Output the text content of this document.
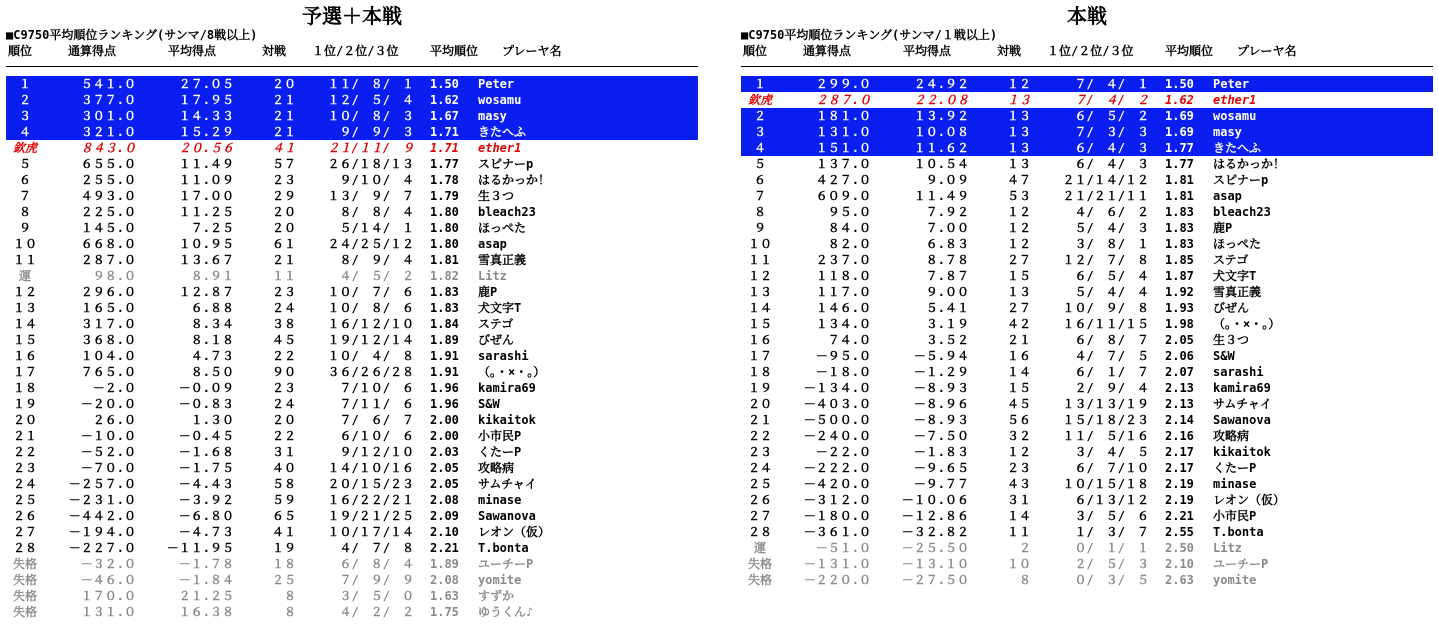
予選＋本戦
■C9750平均順位ランキング(サンマ/8戦以上)
順位	通算得点	平均得点	対戦 １位/２位/３位	平均順位 プレーヤ名
１	５４１.０	２７.０５	２０	１１/　８/　１ 1.50	Peter
２	３７７.０	１７.９５	２１	１２/　５/　４ 1.62	wosamu
３	３０１.０	１４.３３	２１	１０/　８/　３ 1.67	masy
４	３２１.０	１５.２９	２１	　９/　９/　３ 1.71	きたへふ
欽虎	８４３.０	２０.５６	４１	２１/１１/　９ 1.71	ether1
５	６５５.０	１１.４９	５７	２６/１８/１３ 1.77	スピナーp
６	２５５.０	１１.０９	２３	　９/１０/　４ 1.78	はるかっか！
７	４９３.０	１７.００	２９	１３/　９/　７ 1.79	生３つ
８	２２５.０	１１.２５	２０	　８/　８/　４ 1.80	bleach23
９	１４５.０	７.２５	２０	　５/１４/　１ 1.80	ほっぺた
１０	６６８.０	１０.９５	６１	２４/２５/１２ 1.80	asap
１１	２８７.０	１３.６７	２１	　８/　９/　４ 1.81	雪真正義
運	９８.０	８.９１	１１	　４/　５/　２ 1.82	Litz
１２	２９６.０	１２.８７	２３	１０/　７/　６ 1.83	鹿P
１３	１６５.０	６.８８	２４	１０/　８/　６ 1.83	犬文字T
１４	３１７.０	８.３４	３８	１６/１２/１０ 1.84	ステゴ
１５	３６８.０	８.１８	４５	１９/１２/１４ 1.89	びぜん
１６	１０４.０	４.７３	２２	１０/　４/　８ 1.91	sarashi
１７	７６５.０	８.５０	９０	３６/２６/２８ 1.91	（。・×・。）
１８	－２.０	－０.０９	２３	　７/１０/　６ 1.96	kamira69
１９	－２０.０	－０.８３	２４	　７/１１/　６ 1.96	S&W
２０	２６.０	１.３０	２０	　７/　６/　７ 2.00	kikaitok
２１	－１０.０	－０.４５	２２	　６/１０/　６ 2.00	小市民P
２２	－５２.０	－１.６８	３１	　９/１２/１０ 2.03	くたーP
２３	－７０.０	－１.７５	４０	１４/１０/１６ 2.05	攻略病
２４	－２５７.０	－４.４３	５８	２０/１５/２３ 2.05	サムチャイ
２５	－２３１.０	－３.９２	５９	１６/２２/２１ 2.08	minase
２６	－４４２.０	－６.８０	６５	１９/２１/２５ 2.09	Sawanova
２７	－１９４.０	－４.７３	４１	１０/１７/１４ 2.10	レオン（仮）
２８	－２２７.０	－１１.９５	１９	　４/　７/　８ 2.21	T.bonta
失格	－３２.０	－１.７８	１８	　６/　８/　４ 1.89	ユーチーP
失格	－４６.０	－１.８４	２５	　７/　９/　９ 2.08	yomite
失格	１７０.０	２１.２５	８	　３/　５/　０ 1.63	すずか
失格	１３１.０	１６.３８	８	　４/　２/　２ 1.75	ゆうくん♪
本戦
■C9750平均順位ランキング(サンマ/１戦以上)
順位	通算得点	平均得点	対戦 １位/２位/３位	平均順位 プレーヤ名
１	２９９.０	２４.９２	１２	　７/　４/　１ 1.50	Peter
欽虎	２８７.０	２２.０８	１３	　７/　４/　２ 1.62	ether1
２	１８１.０	１３.９２	１３	　６/　５/　２ 1.69	wosamu
３	１３１.０	１０.０８	１３	　７/　３/　３ 1.69	masy
４	１５１.０	１１.６２	１３	　６/　４/　３ 1.77	きたへふ
５	１３７.０	１０.５４	１３	　６/　４/　３ 1.77	はるかっか！
６	４２７.０	９.０９	４７	２１/１４/１２ 1.81	スピナーp
７	６０９.０	１１.４９	５３	２１/２１/１１ 1.81	asap
８	９５.０	７.９２	１２	　４/　６/　２ 1.83	bleach23
９	８４.０	７.００	１２	　５/　４/　３ 1.83	鹿P
１０	８２.０	６.８３	１２	　３/　８/　１ 1.83	ほっぺた
１１	２３７.０	８.７８	２７	１２/　７/　８ 1.85	ステゴ
１２	１１８.０	７.８７	１５	　６/　５/　４ 1.87	犬文字T
１３	１１７.０	９.００	１３	　５/　４/　４ 1.92	雪真正義
１４	１４６.０	５.４１	２７	１０/　９/　８ 1.93	びぜん
１５	１３４.０	３.１９	４２	１６/１１/１５ 1.98	（。・×・。）
１６	７４.０	３.５２	２１	　６/　８/　７ 2.05	生３つ
１７	－９５.０	－５.９４	１６	　４/　７/　５ 2.06	S&W
１８	－１８.０	－１.２９	１４	　６/　１/　７ 2.07	sarashi
１９	－１３４.０	－８.９３	１５	　２/　９/　４ 2.13	kamira69
２０	－４０３.０	－８.９６	４５	１３/１３/１９ 2.13	サムチャイ
２１	－５００.０	－８.９３	５６	１５/１８/２３ 2.14	Sawanova
２２	－２４０.０	－７.５０	３２	１１/　５/１６ 2.16	攻略病
２３	－２２.０	－１.８３	１２	　３/　４/　５ 2.17	kikaitok
２４	－２２２.０	－９.６５	２３	　６/　７/１０ 2.17	くたーP
２５	－４２０.０	－９.７７	４３	１０/１５/１８ 2.19	minase
２６	－３１２.０	－１０.０６	３１	　６/１３/１２ 2.19	レオン（仮）
２７	－１８０.０	－１２.８６	１４	　３/　５/　６ 2.21	小市民P
２８	－３６１.０	－３２.８２	１１	　１/　３/　７ 2.55	T.bonta
運	－５１.０	－２５.５０	２	　０/　１/　１ 2.50	Litz
失格	－１３１.０	－１３.１０	１０	　２/　５/　３ 2.10	ユーチーP
失格	－２２０.０	－２７.５０	８	　０/　３/　５ 2.63	yomite
